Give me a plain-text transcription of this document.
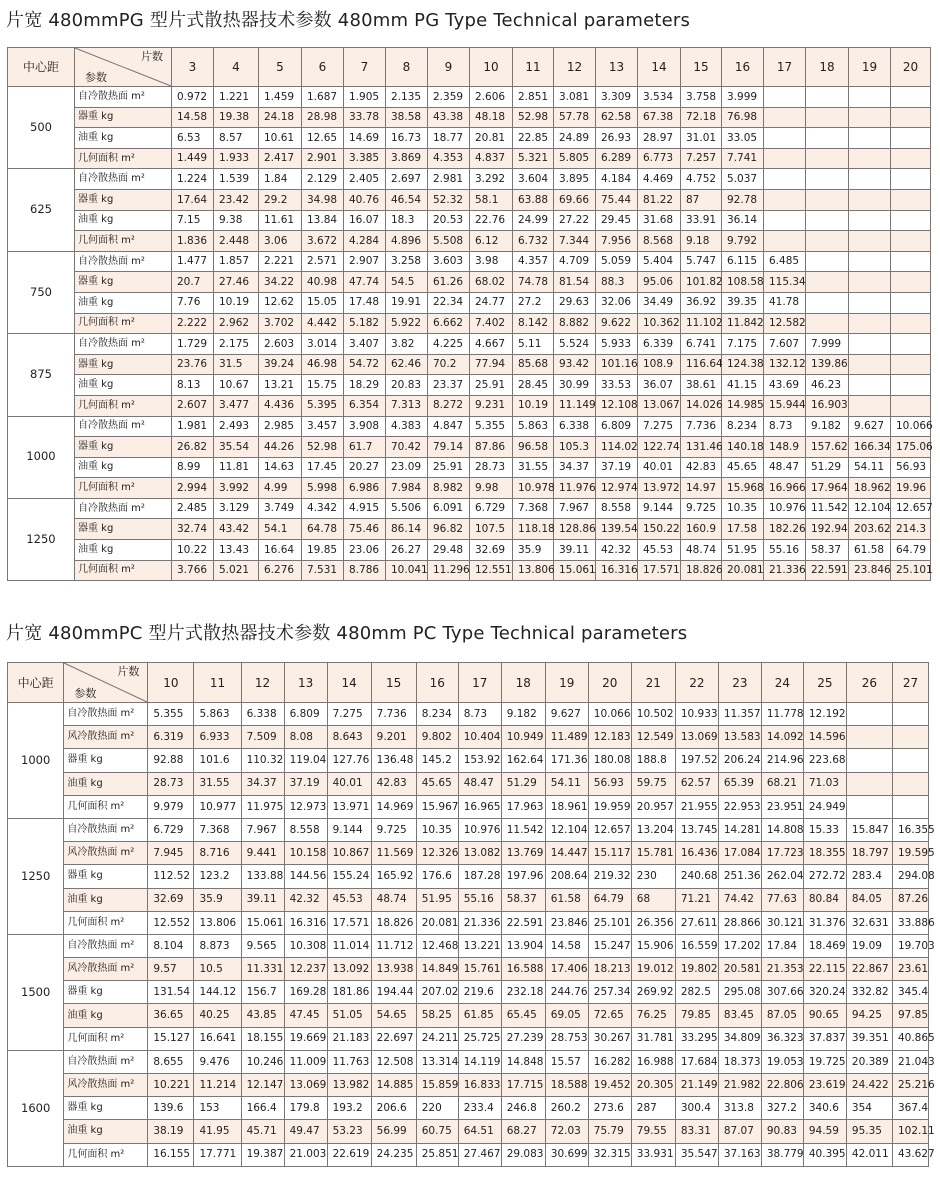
片宽 480mmPG 型片式散热器技术参数 480mm PG Type Technical parameters
中心距	片数
参数	3	4	5	6	7	8	9	10	11	12	13	14	15	16	17	18	19	20
500	自冷散热面 m²	0.972	1.221	1.459	1.687	1.905	2.135	2.359	2.606	2.851	3.081	3.309	3.534	3.758	3.999				
	器重 kg	14.58	19.38	24.18	28.98	33.78	38.58	43.38	48.18	52.98	57.78	62.58	67.38	72.18	76.98				
	油重 kg	6.53	8.57	10.61	12.65	14.69	16.73	18.77	20.81	22.85	24.89	26.93	28.97	31.01	33.05				
	几何面积 m²	1.449	1.933	2.417	2.901	3.385	3.869	4.353	4.837	5.321	5.805	6.289	6.773	7.257	7.741				
625	自冷散热面 m²	1.224	1.539	1.84	2.129	2.405	2.697	2.981	3.292	3.604	3.895	4.184	4.469	4.752	5.037				
	器重 kg	17.64	23.42	29.2	34.98	40.76	46.54	52.32	58.1	63.88	69.66	75.44	81.22	87	92.78				
	油重 kg	7.15	9.38	11.61	13.84	16.07	18.3	20.53	22.76	24.99	27.22	29.45	31.68	33.91	36.14				
	几何面积 m²	1.836	2.448	3.06	3.672	4.284	4.896	5.508	6.12	6.732	7.344	7.956	8.568	9.18	9.792				
750	自冷散热面 m²	1.477	1.857	2.221	2.571	2.907	3.258	3.603	3.98	4.357	4.709	5.059	5.404	5.747	6.115	6.485			
	器重 kg	20.7	27.46	34.22	40.98	47.74	54.5	61.26	68.02	74.78	81.54	88.3	95.06	101.82	108.58	115.34			
	油重 kg	7.76	10.19	12.62	15.05	17.48	19.91	22.34	24.77	27.2	29.63	32.06	34.49	36.92	39.35	41.78			
	几何面积 m²	2.222	2.962	3.702	4.442	5.182	5.922	6.662	7.402	8.142	8.882	9.622	10.362	11.102	11.842	12.582			
875	自冷散热面 m²	1.729	2.175	2.603	3.014	3.407	3.82	4.225	4.667	5.11	5.524	5.933	6.339	6.741	7.175	7.607	7.999		
	器重 kg	23.76	31.5	39.24	46.98	54.72	62.46	70.2	77.94	85.68	93.42	101.16	108.9	116.64	124.38	132.12	139.86		
	油重 kg	8.13	10.67	13.21	15.75	18.29	20.83	23.37	25.91	28.45	30.99	33.53	36.07	38.61	41.15	43.69	46.23		
	几何面积 m²	2.607	3.477	4.436	5.395	6.354	7.313	8.272	9.231	10.19	11.149	12.108	13.067	14.026	14.985	15.944	16.903		
1000	自冷散热面 m²	1.981	2.493	2.985	3.457	3.908	4.383	4.847	5.355	5.863	6.338	6.809	7.275	7.736	8.234	8.73	9.182	9.627	10.066
	器重 kg	26.82	35.54	44.26	52.98	61.7	70.42	79.14	87.86	96.58	105.3	114.02	122.74	131.46	140.18	148.9	157.62	166.34	175.06
	油重 kg	8.99	11.81	14.63	17.45	20.27	23.09	25.91	28.73	31.55	34.37	37.19	40.01	42.83	45.65	48.47	51.29	54.11	56.93
	几何面积 m²	2.994	3.992	4.99	5.998	6.986	7.984	8.982	9.98	10.978	11.976	12.974	13.972	14.97	15.968	16.966	17.964	18.962	19.96
1250	自冷散热面 m²	2.485	3.129	3.749	4.342	4.915	5.506	6.091	6.729	7.368	7.967	8.558	9.144	9.725	10.35	10.976	11.542	12.104	12.657
	器重 kg	32.74	43.42	54.1	64.78	75.46	86.14	96.82	107.5	118.18	128.86	139.54	150.22	160.9	17.58	182.26	192.94	203.62	214.3
	油重 kg	10.22	13.43	16.64	19.85	23.06	26.27	29.48	32.69	35.9	39.11	42.32	45.53	48.74	51.95	55.16	58.37	61.58	64.79
	几何面积 m²	3.766	5.021	6.276	7.531	8.786	10.041	11.296	12.551	13.806	15.061	16.316	17.571	18.826	20.081	21.336	22.591	23.846	25.101
片宽 480mmPC 型片式散热器技术参数 480mm PC Type Technical parameters
中心距	片数
参数	10	11	12	13	14	15	16	17	18	19	20	21	22	23	24	25	26	27
1000	自冷散热面 m²	5.355	5.863	6.338	6.809	7.275	7.736	8.234	8.73	9.182	9.627	10.066	10.502	10.933	11.357	11.778	12.192		
	风冷散热面 m²	6.319	6.933	7.509	8.08	8.643	9.201	9.802	10.404	10.949	11.489	12.183	12.549	13.069	13.583	14.092	14.596		
	器重 kg	92.88	101.6	110.32	119.04	127.76	136.48	145.2	153.92	162.64	171.36	180.08	188.8	197.52	206.24	214.96	223.68		
	油重 kg	28.73	31.55	34.37	37.19	40.01	42.83	45.65	48.47	51.29	54.11	56.93	59.75	62.57	65.39	68.21	71.03		
	几何面积 m²	9.979	10.977	11.975	12.973	13.971	14.969	15.967	16.965	17.963	18.961	19.959	20.957	21.955	22.953	23.951	24.949		
1250	自冷散热面 m²	6.729	7.368	7.967	8.558	9.144	9.725	10.35	10.976	11.542	12.104	12.657	13.204	13.745	14.281	14.808	15.33	15.847	16.355
	风冷散热面 m²	7.945	8.716	9.441	10.158	10.867	11.569	12.326	13.082	13.769	14.447	15.117	15.781	16.436	17.084	17.723	18.355	18.797	19.595
	器重 kg	112.52	123.2	133.88	144.56	155.24	165.92	176.6	187.28	197.96	208.64	219.32	230	240.68	251.36	262.04	272.72	283.4	294.08
	油重 kg	32.69	35.9	39.11	42.32	45.53	48.74	51.95	55.16	58.37	61.58	64.79	68	71.21	74.42	77.63	80.84	84.05	87.26
	几何面积 m²	12.552	13.806	15.061	16.316	17.571	18.826	20.081	21.336	22.591	23.846	25.101	26.356	27.611	28.866	30.121	31.376	32.631	33.886
1500	自冷散热面 m²	8.104	8.873	9.565	10.308	11.014	11.712	12.468	13.221	13.904	14.58	15.247	15.906	16.559	17.202	17.84	18.469	19.09	19.703
	风冷散热面 m²	9.57	10.5	11.331	12.237	13.092	13.938	14.849	15.761	16.588	17.406	18.213	19.012	19.802	20.581	21.353	22.115	22.867	23.61
	器重 kg	131.54	144.12	156.7	169.28	181.86	194.44	207.02	219.6	232.18	244.76	257.34	269.92	282.5	295.08	307.66	320.24	332.82	345.4
	油重 kg	36.65	40.25	43.85	47.45	51.05	54.65	58.25	61.85	65.45	69.05	72.65	76.25	79.85	83.45	87.05	90.65	94.25	97.85
	几何面积 m²	15.127	16.641	18.155	19.669	21.183	22.697	24.211	25.725	27.239	28.753	30.267	31.781	33.295	34.809	36.323	37.837	39.351	40.865
1600	自冷散热面 m²	8.655	9.476	10.246	11.009	11.763	12.508	13.314	14.119	14.848	15.57	16.282	16.988	17.684	18.373	19.053	19.725	20.389	21.043
	风冷散热面 m²	10.221	11.214	12.147	13.069	13.982	14.885	15.859	16.833	17.715	18.588	19.452	20.305	21.149	21.982	22.806	23.619	24.422	25.216
	器重 kg	139.6	153	166.4	179.8	193.2	206.6	220	233.4	246.8	260.2	273.6	287	300.4	313.8	327.2	340.6	354	367.4
	油重 kg	38.19	41.95	45.71	49.47	53.23	56.99	60.75	64.51	68.27	72.03	75.79	79.55	83.31	87.07	90.83	94.59	95.35	102.11
	几何面积 m²	16.155	17.771	19.387	21.003	22.619	24.235	25.851	27.467	29.083	30.699	32.315	33.931	35.547	37.163	38.779	40.395	42.011	43.627
